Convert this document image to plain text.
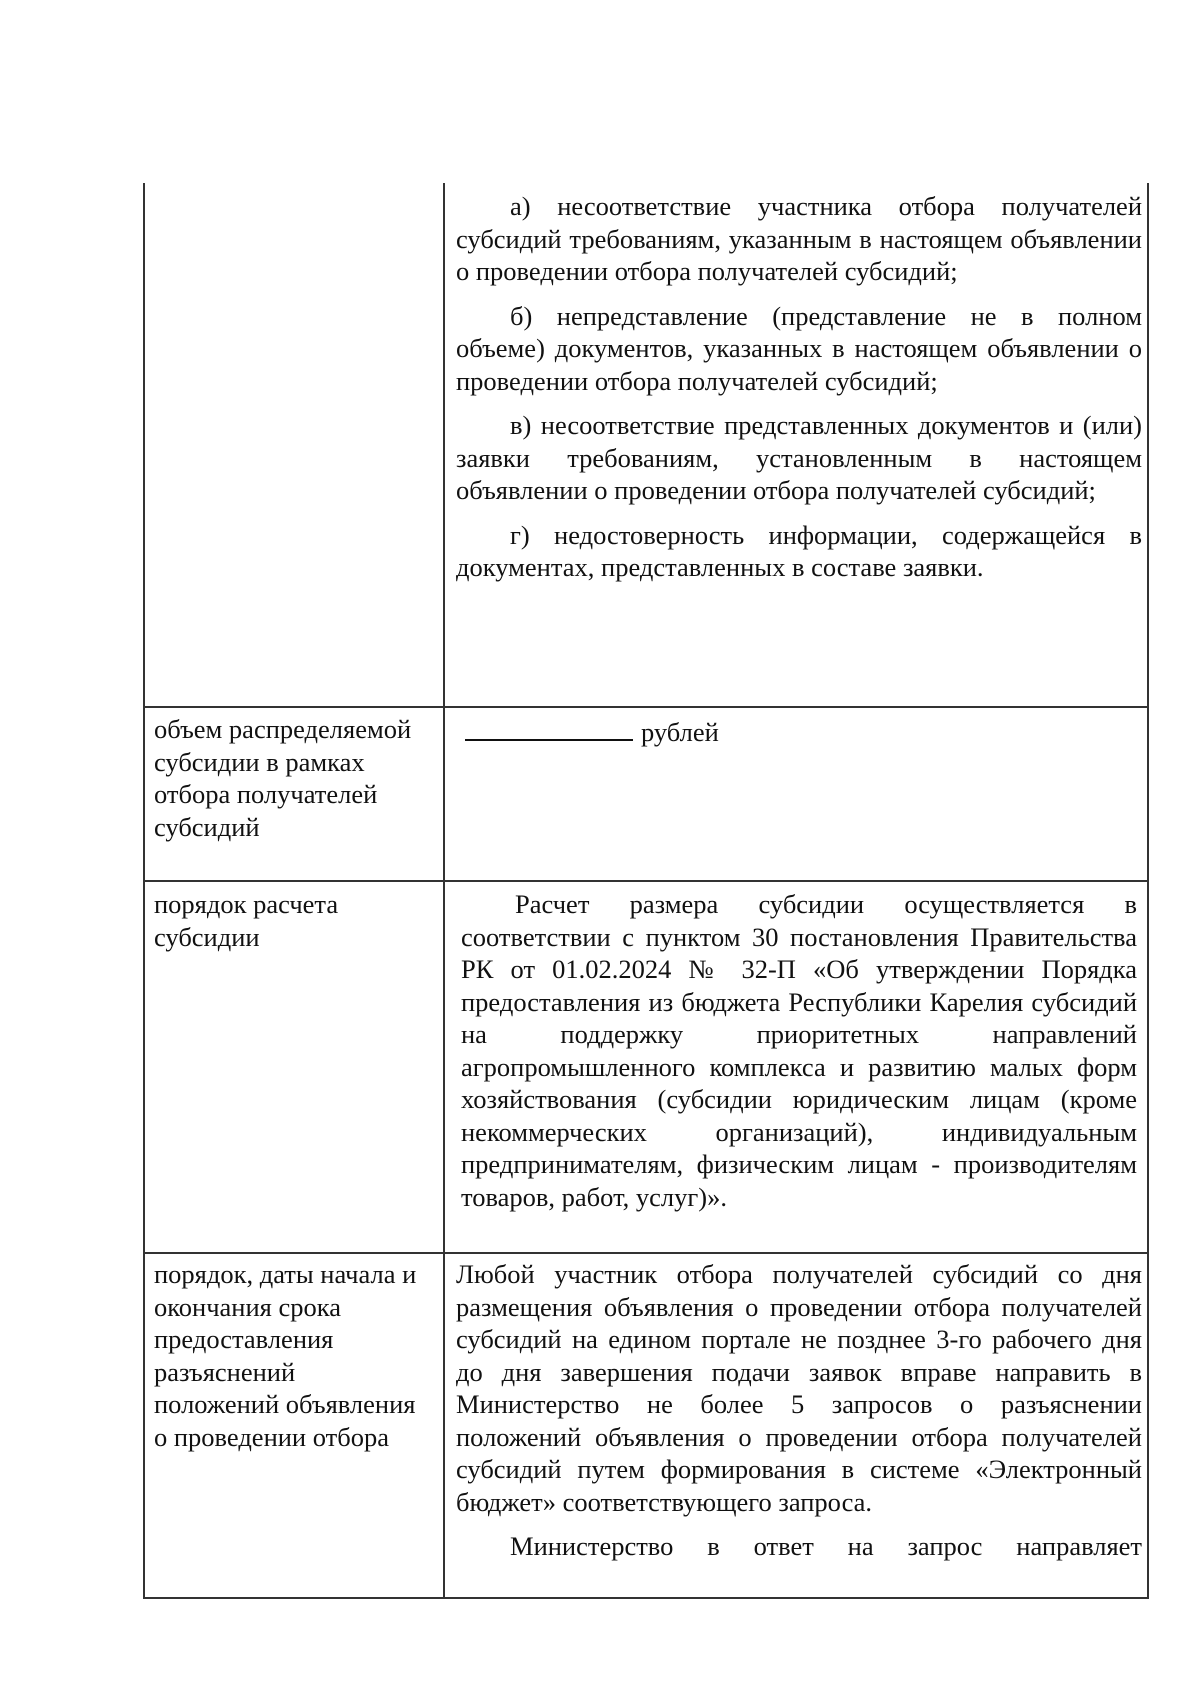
а) несоответствие участника отбора получателей субсидий требованиям, указанным в настоящем объявлении о проведении отбора получателей субсидий;

б) непредставление (представление не в полном объеме) документов, указанных в настоящем объявлении о проведении отбора получателей субсидий;

в) несоответствие представленных документов и (или) заявки требованиям, установленным в настоящем объявлении о проведении отбора получателей субсидий;

г) недостоверность информации, содержащейся в документах, представленных в составе заявки.

объем распределяемой субсидии в рамках отбора получателей субсидий
рублей
порядок расчета субсидии

Расчет размера субсидии осуществляется в соответствии с пунктом 30 постановления Правительства РК от 01.02.2024 № 32-П «Об утверждении Порядка предоставления из бюджета Республики Карелия субсидий на поддержку приоритетных направлений агропромышленного комплекса и развитию малых форм хозяйствования (субсидии юридическим лицам (кроме некоммерческих организаций), индивидуальным предпринимателям, физическим лицам - производителям товаров, работ, услуг)».

порядок, даты начала и окончания срока предоставления разъяснений положений объявления о проведении отбора

Любой участник отбора получателей субсидий со дня размещения объявления о проведении отбора получателей субсидий на едином портале не позднее 3-го рабочего дня до дня завершения подачи заявок вправе направить в Министерство не более 5 запросов о разъяснении положений объявления о проведении отбора получателей субсидий путем формирования в системе «Электронный бюджет» соответствующего запроса.

Министерство в ответ на запрос направляет
